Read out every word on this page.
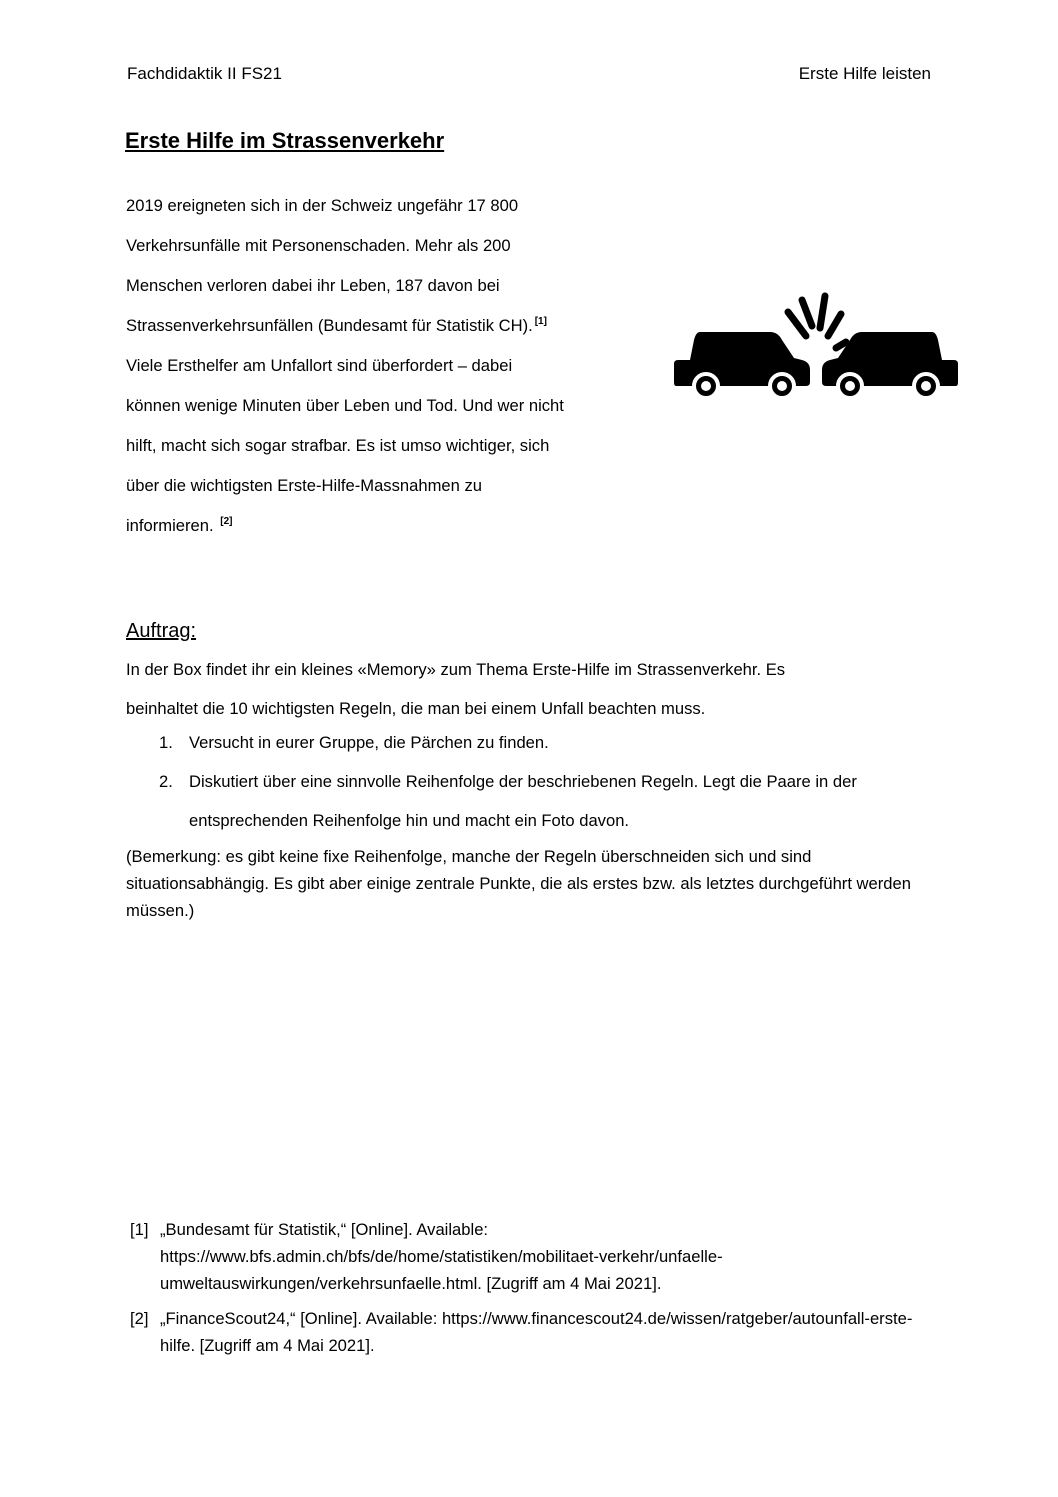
Fachdidaktik II FS21	Erste Hilfe leisten
Erste Hilfe im Strassenverkehr
2019 ereigneten sich in der Schweiz ungefähr 17 800
Verkehrsunfälle mit Personenschaden. Mehr als 200
Menschen verloren dabei ihr Leben, 187 davon bei
Strassenverkehrsunfällen (Bundesamt für Statistik CH). [1]
Viele Ersthelfer am Unfallort sind überfordert – dabei
können wenige Minuten über Leben und Tod. Und wer nicht
hilft, macht sich sogar strafbar. Es ist umso wichtiger, sich
über die wichtigsten Erste-Hilfe-Massnahmen zu
informieren. [2]
Auftrag:
In der Box findet ihr ein kleines «Memory» zum Thema Erste-Hilfe im Strassenverkehr. Es
beinhaltet die 10 wichtigsten Regeln, die man bei einem Unfall beachten muss.
1. Versucht in eurer Gruppe, die Pärchen zu finden.
2. Diskutiert über eine sinnvolle Reihenfolge der beschriebenen Regeln. Legt die Paare in der entsprechenden Reihenfolge hin und macht ein Foto davon.
(Bemerkung: es gibt keine fixe Reihenfolge, manche der Regeln überschneiden sich und sind situationsabhängig. Es gibt aber einige zentrale Punkte, die als erstes bzw. als letztes durchgeführt werden müssen.)
[1] „Bundesamt für Statistik,“ [Online]. Available: https://www.bfs.admin.ch/bfs/de/home/statistiken/mobilitaet-verkehr/unfaelle-umweltauswirkungen/verkehrsunfaelle.html. [Zugriff am 4 Mai 2021].
[2] „FinanceScout24,“ [Online]. Available: https://www.financescout24.de/wissen/ratgeber/autounfall-erste-hilfe. [Zugriff am 4 Mai 2021].
